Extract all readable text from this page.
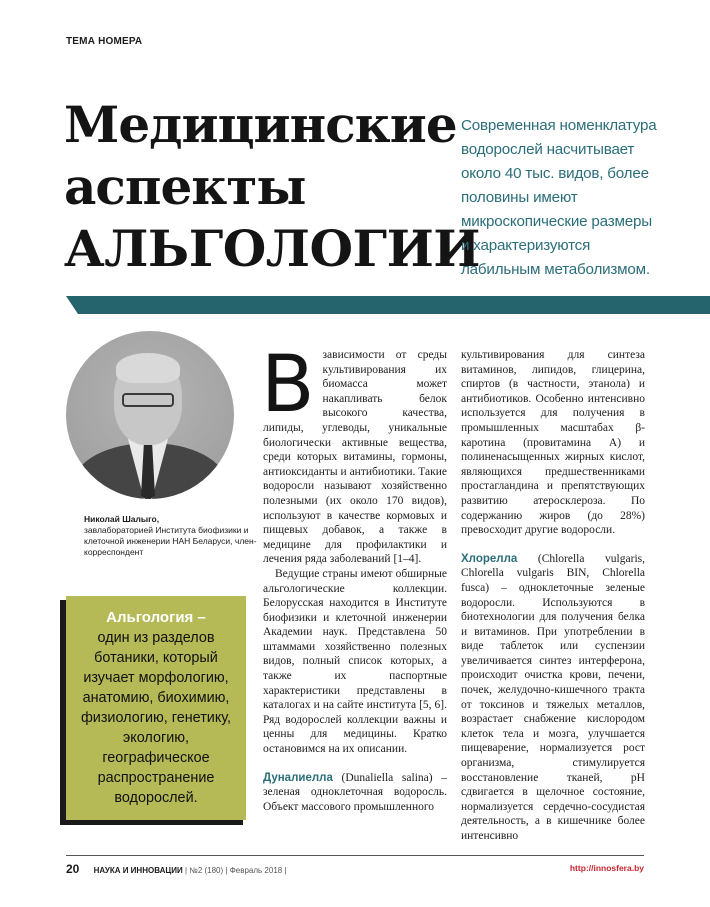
ТЕМА НОМЕРА
Медицинские
аспекты
АЛЬГОЛОГИИ
Современная номенклатура водорослей насчитывает около 40 тыс. видов, более половины имеют микроскопические размеры и характеризуются лабильным метаболизмом.
Николай Шалыго,
завлабораторией Института биофизики и клеточной инженерии НАН Беларуси, член-корреспондент
Альгология –
один из разделов ботаники, который изучает морфологию, анатомию, биохимию, физиологию, генетику, экологию, географическое распространение водорослей.
В зависимости от среды культивирования их биомасса может накапливать белок высокого качества, липиды, углеводы, уникальные биологически активные вещества, среди которых витамины, гормоны, антиоксиданты и антибиотики. Такие водоросли называют хозяйственно полезными (их около 170 видов), используют в качестве кормовых и пищевых добавок, а также в медицине для профилактики и лечения ряда заболеваний [1–4].

Ведущие страны имеют обширные альгологические коллекции. Белорусская находится в Институте биофизики и клеточной инженерии Академии наук. Представлена 50 штаммами хозяйственно полезных видов, полный список которых, а также их паспортные характеристики представлены в каталогах и на сайте института [5, 6]. Ряд водорослей коллекции важны и ценны для медицины. Кратко остановимся на их описании.

Дуналиелла (Dunaliella salina) – зеленая одноклеточная водоросль. Объект массового промышленного

культивирования для синтеза витаминов, липидов, глицерина, спиртов (в частности, этанола) и антибиотиков. Особенно интенсивно используется для получения в промышленных масштабах β-каротина (провитамина А) и полиненасыщенных жирных кислот, являющихся предшественниками простагландина и препятствующих развитию атеросклероза. По содержанию жиров (до 28%) превосходит другие водоросли.

Хлорелла (Chlorella vulgaris, Chlorella vulgaris BIN, Chlorella fusca) – одноклеточные зеленые водоросли. Используются в биотехнологии для получения белка и витаминов. При употреблении в виде таблеток или суспензии увеличивается синтез интерферона, происходит очистка крови, печени, почек, желудочно-кишечного тракта от токсинов и тяжелых металлов, возрастает снабжение кислородом клеток тела и мозга, улучшается пищеварение, нормализуется рост организма, стимулируется восстановление тканей, pH сдвигается в щелочное состояние, нормализуется сердечно-сосудистая деятельность, а в кишечнике более интенсивно

20 НАУКА И ИННОВАЦИИ | №2 (180) | Февраль 2018 |	http://innosfera.by
